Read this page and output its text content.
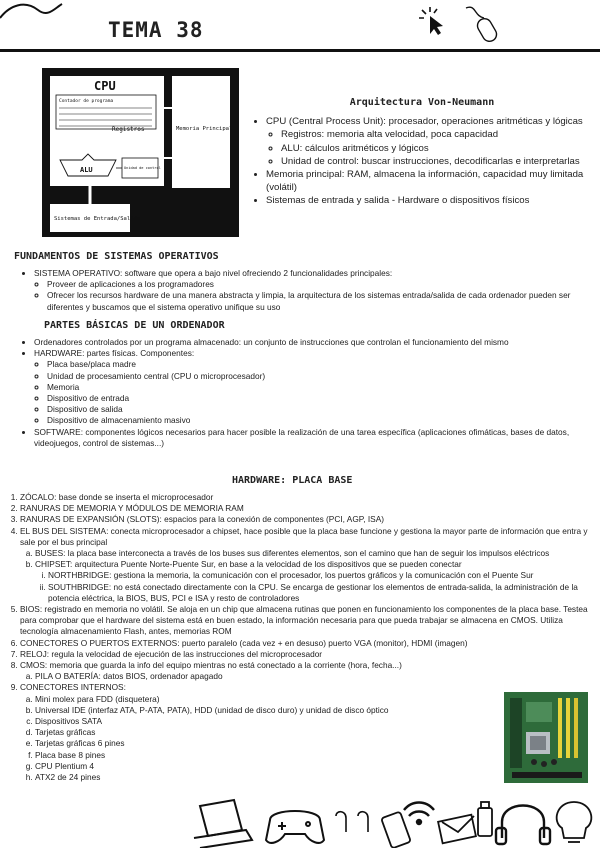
TEMA 38
CPU
Contador de programa
Registros
ALU	Unidad de control
Memoria Principal
Sistemas de Entrada/Salida
Arquitectura Von-Neumann
• CPU (Central Process Unit): procesador, operaciones aritméticas y lógicas
◦ Registros: memoria alta velocidad, poca capacidad
◦ ALU: cálculos aritméticos y lógicos
◦ Unidad de control: buscar instrucciones, decodificarlas e interpretarlas
• Memoria principal: RAM, almacena la información, capacidad muy limitada (volátil)
• Sistemas de entrada y salida - Hardware o dispositivos físicos
FUNDAMENTOS DE SISTEMAS OPERATIVOS
• SISTEMA OPERATIVO: software que opera a bajo nivel ofreciendo 2 funcionalidades principales:
◦ Proveer de aplicaciones a los programadores
◦ Ofrecer los recursos hardware de una manera abstracta y limpia, la arquitectura de los sistemas entrada/salida de cada ordenador pueden ser diferentes y buscamos que el sistema operativo unifique su uso
PARTES BÁSICAS DE UN ORDENADOR
• Ordenadores controlados por un programa almacenado: un conjunto de instrucciones que controlan el funcionamiento del mismo
• HARDWARE: partes físicas. Componentes:
◦ Placa base/placa madre
◦ Unidad de procesamiento central (CPU o microprocesador)
◦ Memoria
◦ Dispositivo de entrada
◦ Dispositivo de salida
◦ Dispositivo de almacenamiento masivo
• SOFTWARE: componentes lógicos necesarios para hacer posible la realización de una tarea específica (aplicaciones ofimáticas, bases de datos, videojuegos, control de sistemas...)
HARDWARE: PLACA BASE
1. ZÓCALO: base donde se inserta el microprocesador
2. RANURAS DE MEMORIA Y MÓDULOS DE MEMORIA RAM
3. RANURAS DE EXPANSIÓN (SLOTS): espacios para la conexión de componentes (PCI, AGP, ISA)
4. EL BUS DEL SISTEMA: conecta microprocesador a chipset, hace posible que la placa base funcione y gestiona la mayor parte de información que entra y sale por el bus principal
a. BUSES: la placa base interconecta a través de los buses sus diferentes elementos, son el camino que han de seguir los impulsos eléctricos
b. CHIPSET: arquitectura Puente Norte-Puente Sur, en base a la velocidad de los dispositivos que se pueden conectar
i. NORTHBRIDGE: gestiona la memoria, la comunicación con el procesador, los puertos gráficos y la comunicación con el Puente Sur
ii. SOUTHBRIDGE: no está conectado directamente con la CPU. Se encarga de gestionar los elementos de entrada-salida, la administración de la potencia eléctrica, la BIOS, BUS, PCI e ISA y resto de controladores
5. BIOS: registrado en memoria no volátil. Se aloja en un chip que almacena rutinas que ponen en funcionamiento los componentes de la placa base. Testea para comprobar que el hardware del sistema está en buen estado, la información necesaria para que pueda trabajar se almacena en CMOS. Utiliza tecnología almacenamiento Flash, antes, memorias ROM
6. CONECTORES O PUERTOS EXTERNOS: puerto paralelo (cada vez + en desuso) puerto VGA (monitor), HDMI (imagen)
7. RELOJ: regula la velocidad de ejecución de las instrucciones del microprocesador
8. CMOS: memoria que guarda la info del equipo mientras no está conectado a la corriente (hora, fecha...)
a. PILA O BATERÍA: datos BIOS, ordenador apagado
9. CONECTORES INTERNOS:
a. Mini molex para FDD (disquetera)
b. Universal IDE (interfaz ATA, P-ATA, PATA), HDD (unidad de disco duro) y unidad de disco óptico
c. Dispositivos SATA
d. Tarjetas gráficas
e. Tarjetas gráficas 6 pines
f. Placa base 8 pines
g. CPU Plentium 4
h. ATX2 de 24 pines
